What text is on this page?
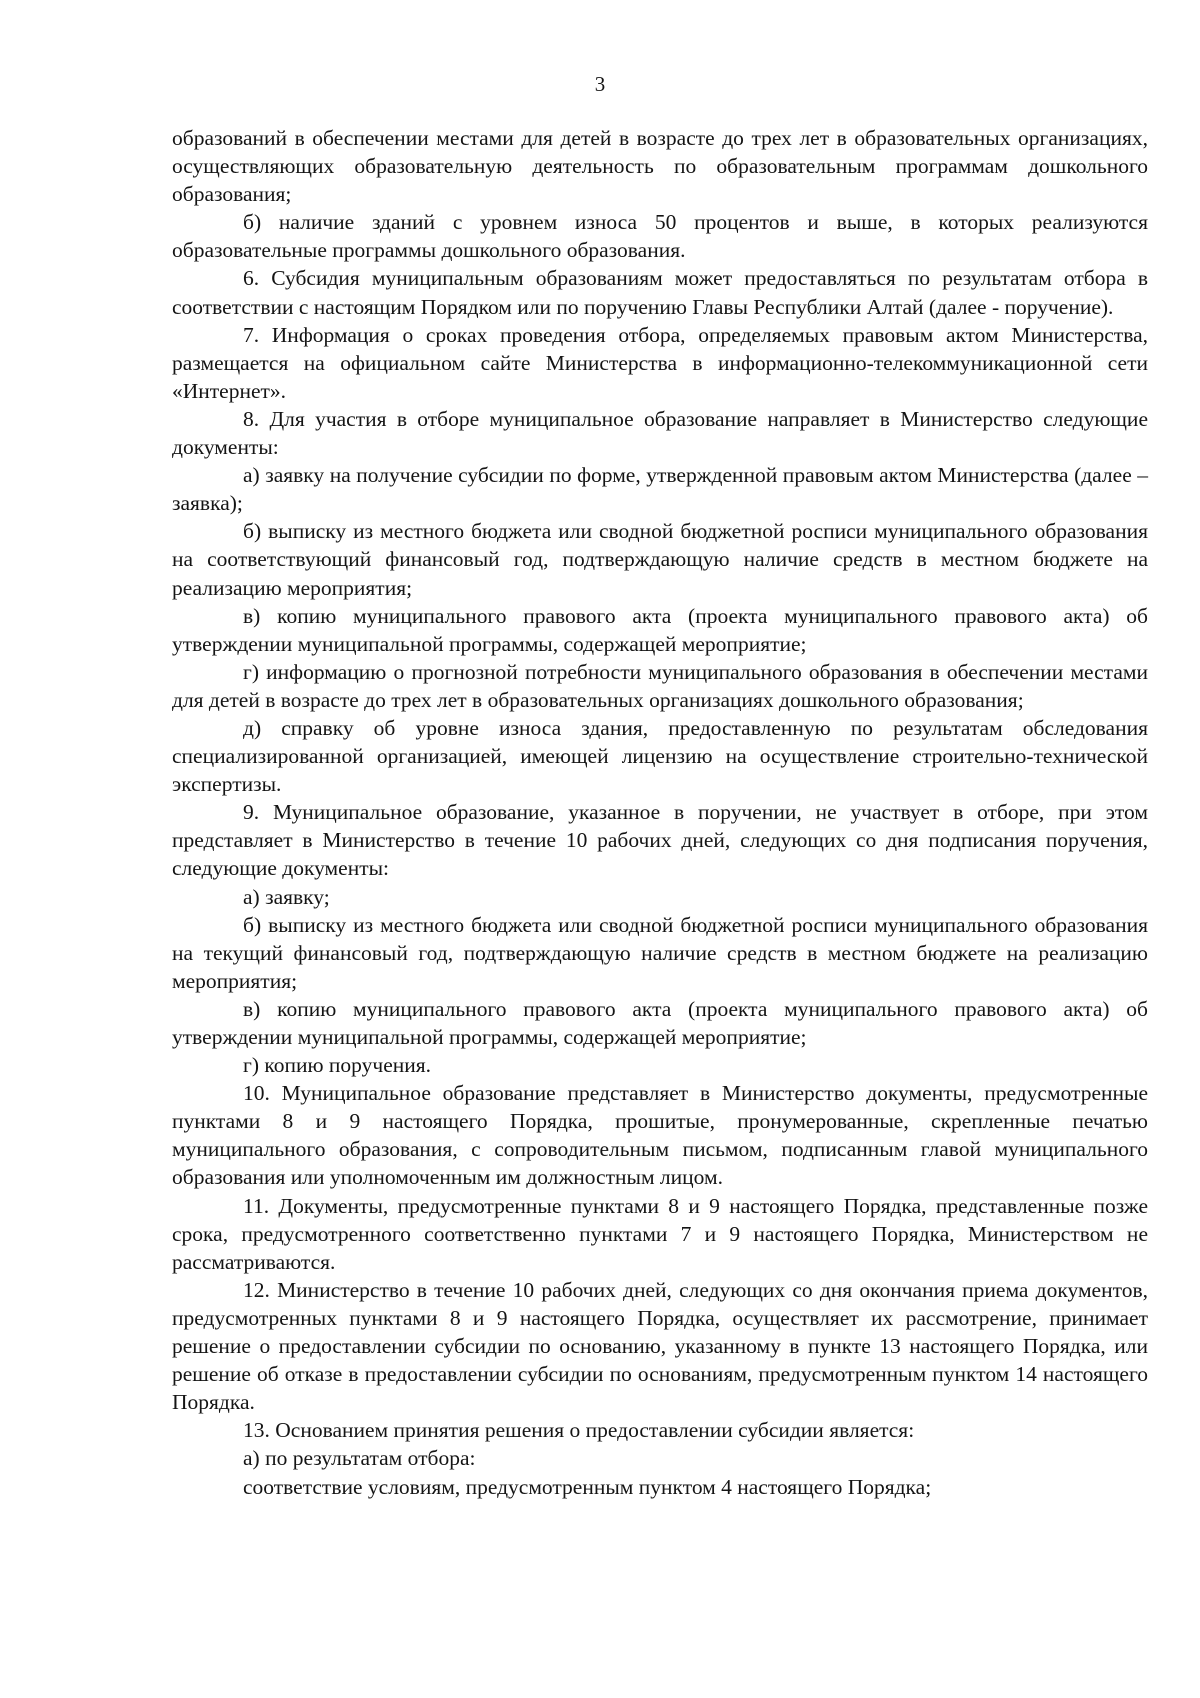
3

образований в обеспечении местами для детей в возрасте до трех лет в образовательных организациях, осуществляющих образовательную деятельность по образовательным программам дошкольного образования;

б) наличие зданий с уровнем износа 50 процентов и выше, в которых реализуются образовательные программы дошкольного образования.

6. Субсидия муниципальным образованиям может предоставляться по результатам отбора в соответствии с настоящим Порядком или по поручению Главы Республики Алтай (далее - поручение).

7. Информация о сроках проведения отбора, определяемых правовым актом Министерства, размещается на официальном сайте Министерства в информационно-телекоммуникационной сети «Интернет».

8. Для участия в отборе муниципальное образование направляет в Министерство следующие документы:

а) заявку на получение субсидии по форме, утвержденной правовым актом Министерства (далее – заявка);

б) выписку из местного бюджета или сводной бюджетной росписи муниципального образования на соответствующий финансовый год, подтверждающую наличие средств в местном бюджете на реализацию мероприятия;

в) копию муниципального правового акта (проекта муниципального правового акта) об утверждении муниципальной программы, содержащей мероприятие;

г) информацию о прогнозной потребности муниципального образования в обеспечении местами для детей в возрасте до трех лет в образовательных организациях дошкольного образования;

д) справку об уровне износа здания, предоставленную по результатам обследования специализированной организацией, имеющей лицензию на осуществление строительно-технической экспертизы.

9. Муниципальное образование, указанное в поручении, не участвует в отборе, при этом представляет в Министерство в течение 10 рабочих дней, следующих со дня подписания поручения, следующие документы:

а) заявку;

б) выписку из местного бюджета или сводной бюджетной росписи муниципального образования на текущий финансовый год, подтверждающую наличие средств в местном бюджете на реализацию мероприятия;

в) копию муниципального правового акта (проекта муниципального правового акта) об утверждении муниципальной программы, содержащей мероприятие;

г) копию поручения.

10. Муниципальное образование представляет в Министерство документы, предусмотренные пунктами 8 и 9 настоящего Порядка, прошитые, пронумерованные, скрепленные печатью муниципального образования, с сопроводительным письмом, подписанным главой муниципального образования или уполномоченным им должностным лицом.

11. Документы, предусмотренные пунктами 8 и 9 настоящего Порядка, представленные позже срока, предусмотренного соответственно пунктами 7 и 9 настоящего Порядка, Министерством не рассматриваются.

12. Министерство в течение 10 рабочих дней, следующих со дня окончания приема документов, предусмотренных пунктами 8 и 9 настоящего Порядка, осуществляет их рассмотрение, принимает решение о предоставлении субсидии по основанию, указанному в пункте 13 настоящего Порядка, или решение об отказе в предоставлении субсидии по основаниям, предусмотренным пунктом 14 настоящего Порядка.

13. Основанием принятия решения о предоставлении субсидии является:

а) по результатам отбора:

соответствие условиям, предусмотренным пунктом 4 настоящего Порядка;
